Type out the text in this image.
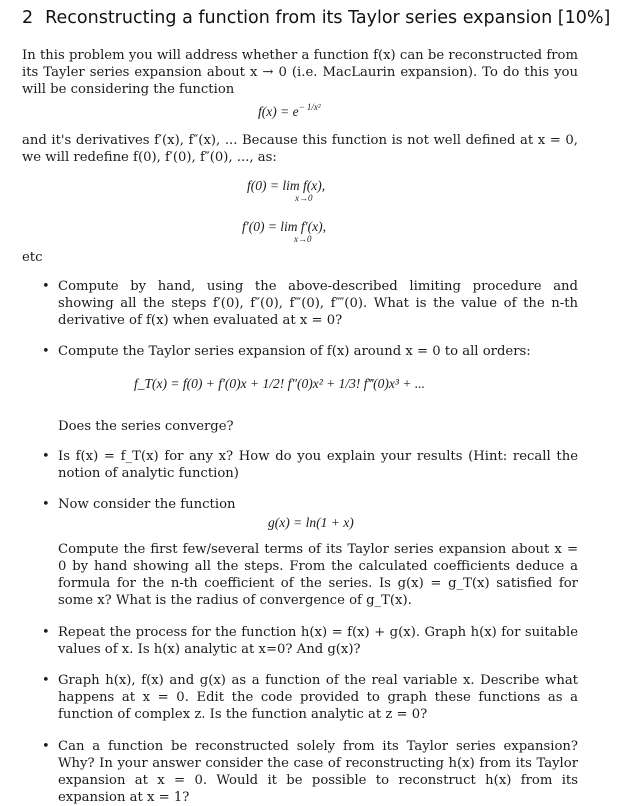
2 Reconstructing a function from its Taylor series expansion [10%]
In this problem you will address whether a function f(x) can be reconstructed from its Tayler series expansion about x → 0 (i.e. MacLaurin expansion). To do this you will be considering the function
$f(x) = e^{- 1/x^2}$
and it's derivatives f′(x), f″(x), ... Because this function is not well defined at x = 0, we will redefine f(0), f′(0), f″(0), ..., as:
f(0) = lim f(x),
x→0
f′(0) = lim f′(x),
x→0
etc
• Compute by hand, using the above-described limiting procedure and showing all the steps f′(0), f″(0), f‴(0), f⁗(0). What is the value of the n-th derivative of f(x) when evaluated at x = 0?
• Compute the Taylor series expansion of f(x) around x = 0 to all orders:
f_T(x) = f(0) + f′(0)x + 1/2! f″(0)x² + 1/3! f‴(0)x³ + ...
Does the series converge?
• Is f(x) = f_T(x) for any x? How do you explain your results (Hint: recall the notion of analytic function)
• Now consider the function
g(x) = ln(1 + x)
Compute the first few/several terms of its Taylor series expansion about x = 0 by hand showing all the steps. From the calculated coefficients deduce a formula for the n-th coefficient of the series. Is g(x) = g_T(x) satisfied for some x? What is the radius of convergence of g_T(x).
• Repeat the process for the function h(x) = f(x) + g(x). Graph h(x) for suitable values of x. Is h(x) analytic at x=0? And g(x)?
• Graph h(x), f(x) and g(x) as a function of the real variable x. Describe what happens at x = 0. Edit the code provided to graph these functions as a function of complex z. Is the function analytic at z = 0?
• Can a function be reconstructed solely from its Taylor series expansion? Why? In your answer consider the case of reconstructing h(x) from its Taylor expansion at x = 0. Would it be possible to reconstruct h(x) from its expansion at x = 1?
